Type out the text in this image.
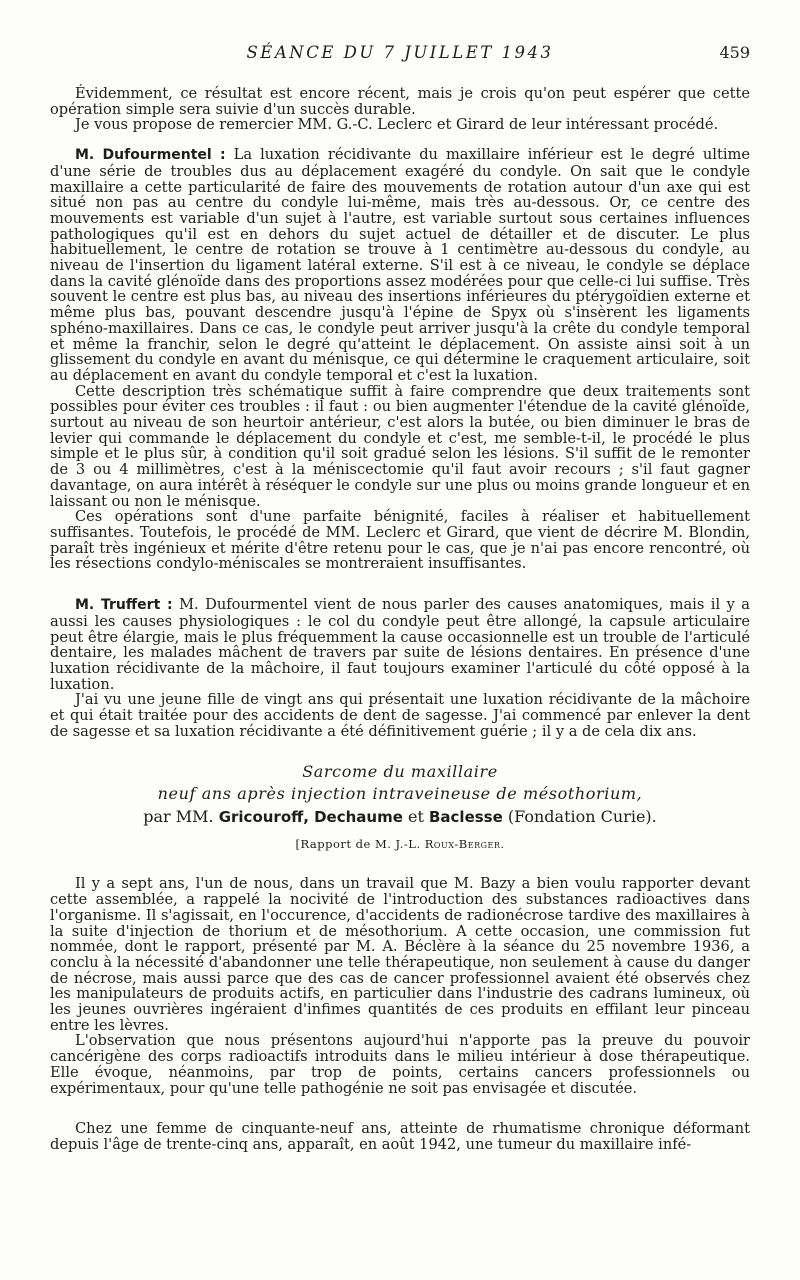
SÉANCE DU 7 JUILLET 1943	459

Évidemment, ce résultat est encore récent, mais je crois qu'on peut espérer que cette opération simple sera suivie d'un succès durable.

Je vous propose de remercier MM. G.-C. Leclerc et Girard de leur intéressant procédé.

M. Dufourmentel : La luxation récidivante du maxillaire inférieur est le degré ultime d'une série de troubles dus au déplacement exagéré du condyle. On sait que le condyle maxillaire a cette particularité de faire des mouvements de rotation autour d'un axe qui est situé non pas au centre du condyle lui-même, mais très au-dessous. Or, ce centre des mouvements est variable d'un sujet à l'autre, est variable surtout sous certaines influences pathologiques qu'il est en dehors du sujet actuel de détailler et de discuter. Le plus habituellement, le centre de rotation se trouve à 1 centimètre au-dessous du condyle, au niveau de l'insertion du ligament latéral externe. S'il est à ce niveau, le condyle se déplace dans la cavité glénoïde dans des proportions assez modérées pour que celle-ci lui suffise. Très souvent le centre est plus bas, au niveau des insertions inférieures du ptérygoïdien externe et même plus bas, pouvant descendre jusqu'à l'épine de Spyx où s'insèrent les ligaments sphéno-maxillaires. Dans ce cas, le condyle peut arriver jusqu'à la crête du condyle temporal et même la franchir, selon le degré qu'atteint le déplacement. On assiste ainsi soit à un glissement du condyle en avant du ménisque, ce qui détermine le craquement articulaire, soit au déplacement en avant du condyle temporal et c'est la luxation.

Cette description très schématique suffit à faire comprendre que deux traitements sont possibles pour éviter ces troubles : il faut : ou bien augmenter l'étendue de la cavité glénoïde, surtout au niveau de son heurtoir antérieur, c'est alors la butée, ou bien diminuer le bras de levier qui commande le déplacement du condyle et c'est, me semble-t-il, le procédé le plus simple et le plus sûr, à condition qu'il soit gradué selon les lésions. S'il suffit de le remonter de 3 ou 4 millimètres, c'est à la méniscectomie qu'il faut avoir recours ; s'il faut gagner davantage, on aura intérêt à réséquer le condyle sur une plus ou moins grande longueur et en laissant ou non le ménisque.

Ces opérations sont d'une parfaite bénignité, faciles à réaliser et habituellement suffisantes. Toutefois, le procédé de MM. Leclerc et Girard, que vient de décrire M. Blondin, paraît très ingénieux et mérite d'être retenu pour le cas, que je n'ai pas encore rencontré, où les résections condylo-méniscales se montreraient insuffisantes.

M. Truffert : M. Dufourmentel vient de nous parler des causes anatomiques, mais il y a aussi les causes physiologiques : le col du condyle peut être allongé, la capsule articulaire peut être élargie, mais le plus fréquemment la cause occasionnelle est un trouble de l'articulé dentaire, les malades mâchent de travers par suite de lésions dentaires. En présence d'une luxation récidivante de la mâchoire, il faut toujours examiner l'articulé du côté opposé à la luxation.

J'ai vu une jeune fille de vingt ans qui présentait une luxation récidivante de la mâchoire et qui était traitée pour des accidents de dent de sagesse. J'ai commencé par enlever la dent de sagesse et sa luxation récidivante a été définitivement guérie ; il y a de cela dix ans.

Sarcome du maxillaire
neuf ans après injection intraveineuse de mésothorium,
par MM. Gricouroff, Dechaume et Baclesse (Fondation Curie).
[Rapport de M. J.-L. Roux-Berger.

Il y a sept ans, l'un de nous, dans un travail que M. Bazy a bien voulu rapporter devant cette assemblée, a rappelé la nocivité de l'introduction des substances radioactives dans l'organisme. Il s'agissait, en l'occurence, d'accidents de radionécrose tardive des maxillaires à la suite d'injection de thorium et de mésothorium. A cette occasion, une commission fut nommée, dont le rapport, présenté par M. A. Béclère à la séance du 25 novembre 1936, a conclu à la nécessité d'abandonner une telle thérapeutique, non seulement à cause du danger de nécrose, mais aussi parce que des cas de cancer professionnel avaient été observés chez les manipulateurs de produits actifs, en particulier dans l'industrie des cadrans lumineux, où les jeunes ouvrières ingéraient d'infimes quantités de ces produits en effilant leur pinceau entre les lèvres.

L'observation que nous présentons aujourd'hui n'apporte pas la preuve du pouvoir cancérigène des corps radioactifs introduits dans le milieu intérieur à dose thérapeutique. Elle évoque, néanmoins, par trop de points, certains cancers professionnels ou expérimentaux, pour qu'une telle pathogénie ne soit pas envisagée et discutée.

Chez une femme de cinquante-neuf ans, atteinte de rhumatisme chronique déformant depuis l'âge de trente-cinq ans, apparaît, en août 1942, une tumeur du maxillaire infé-
